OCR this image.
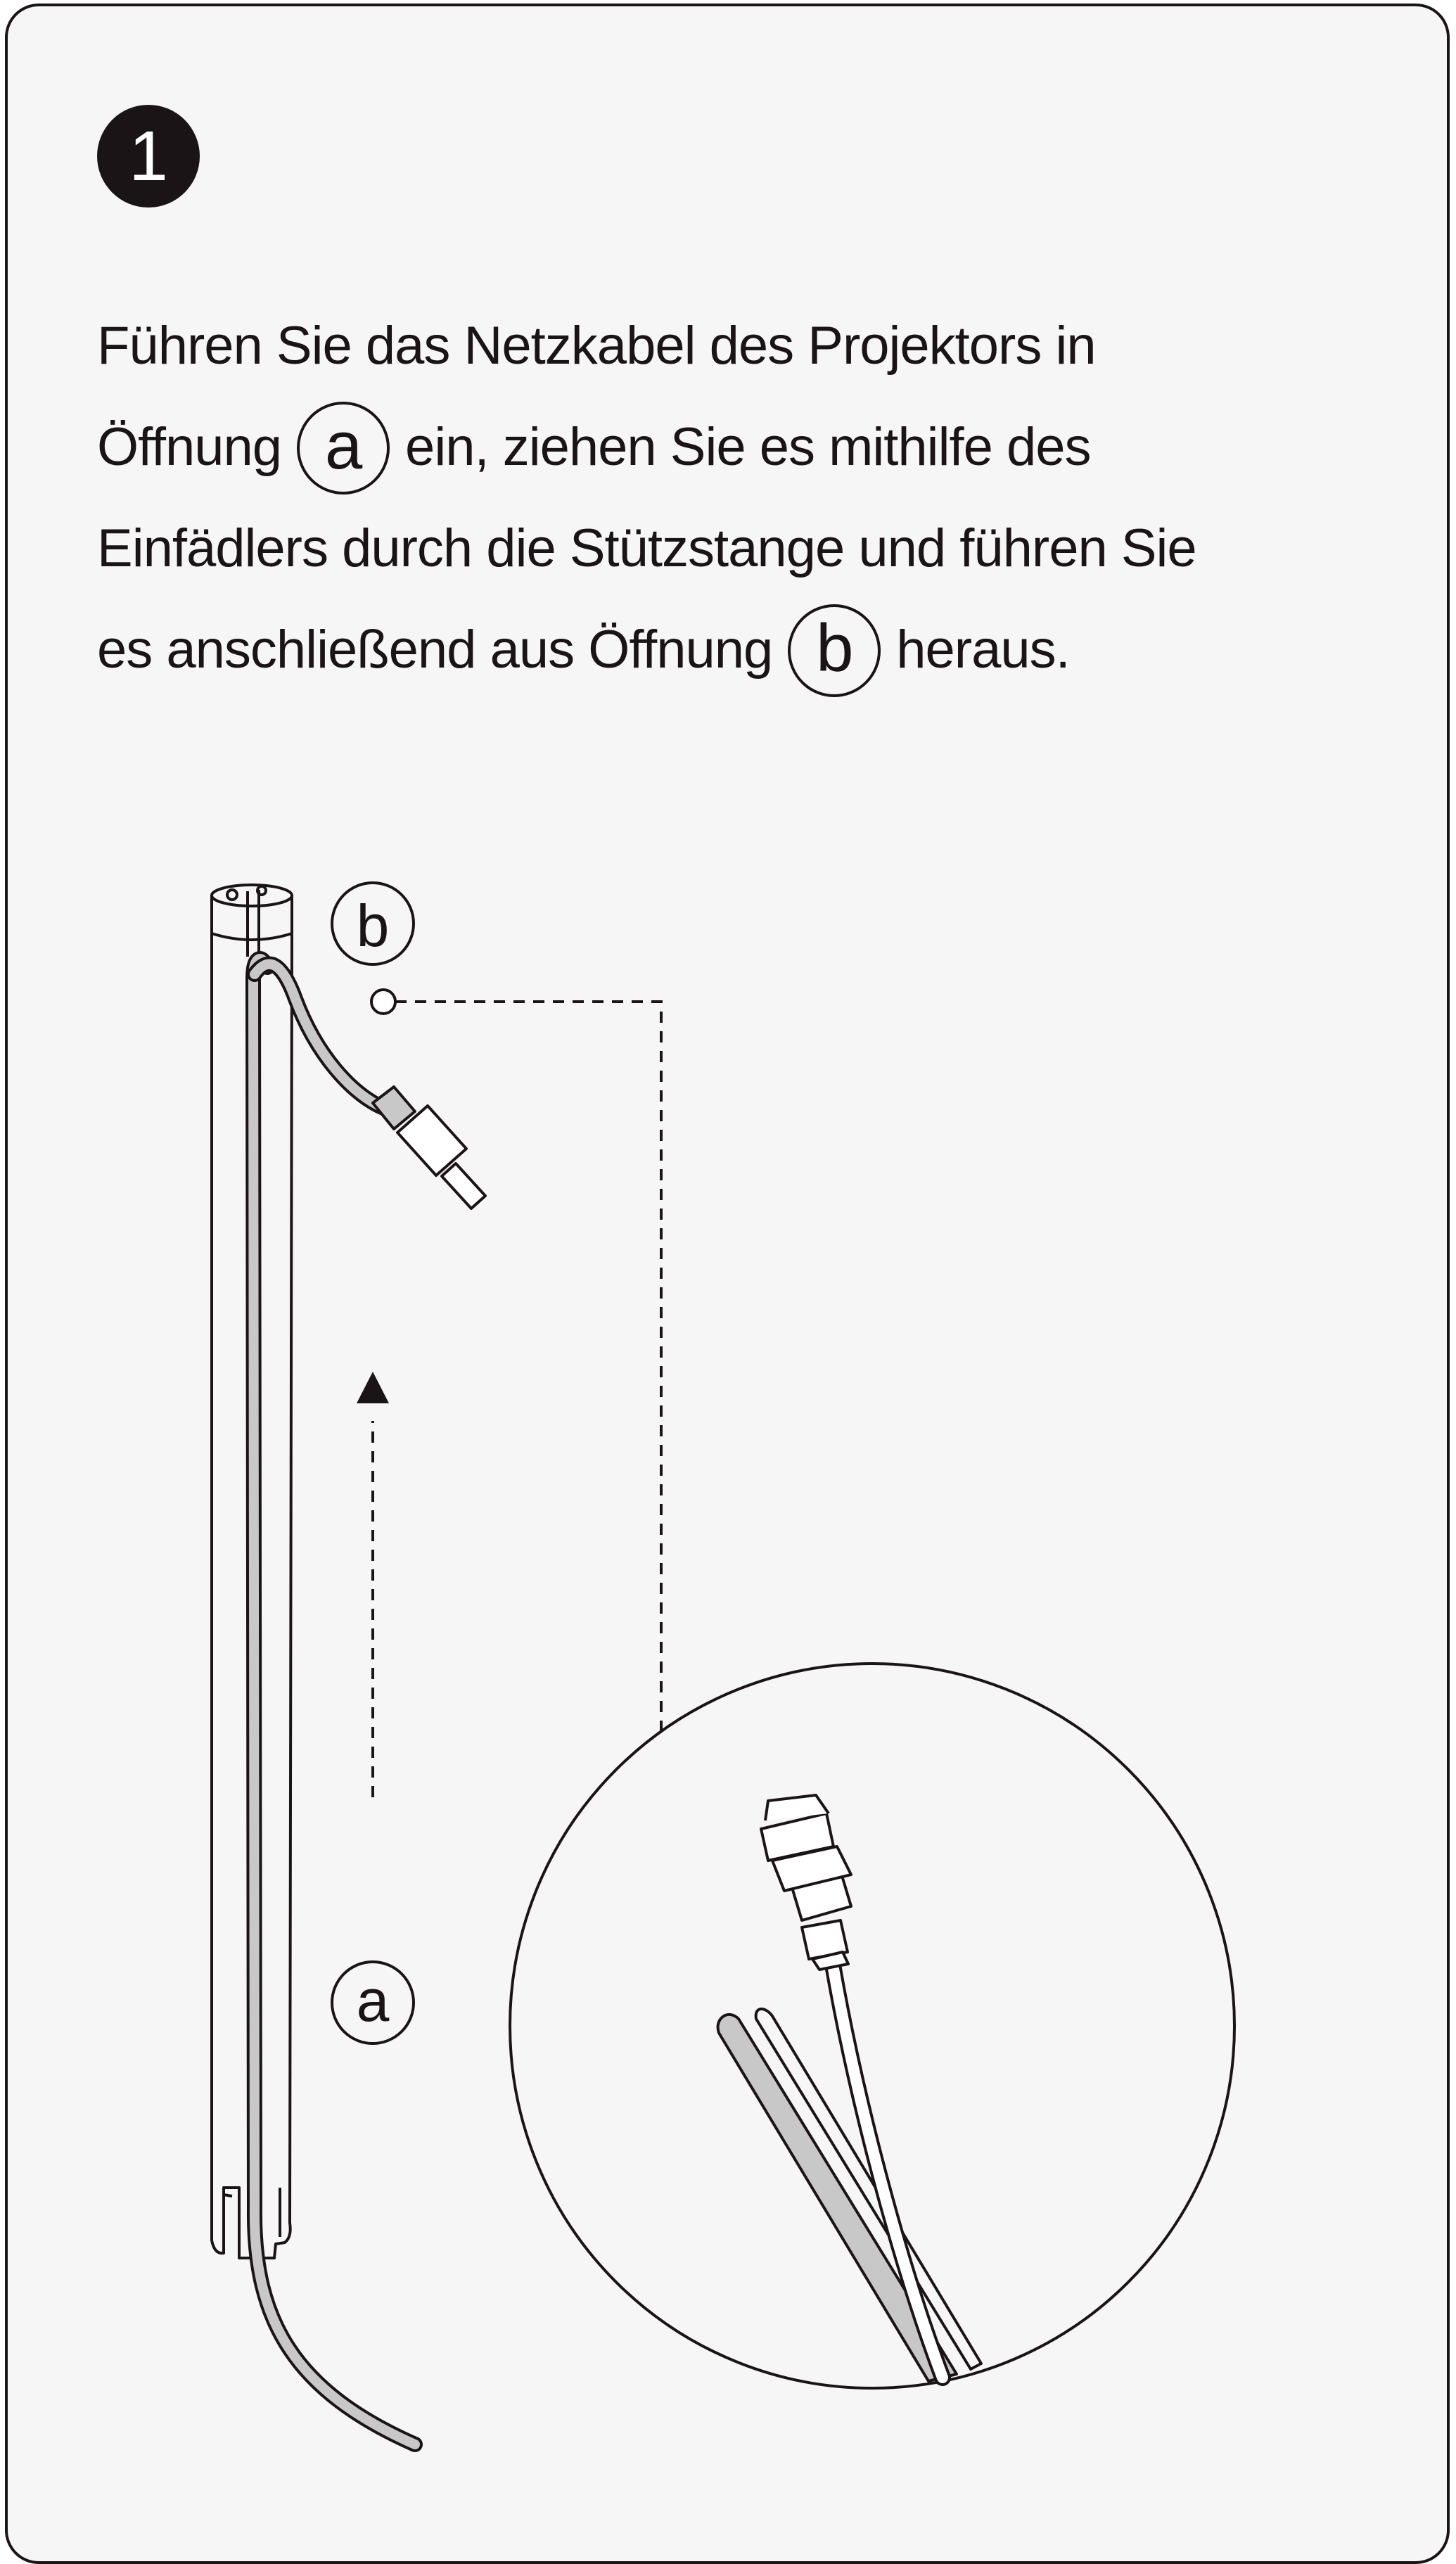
1
Führen Sie das Netzkabel des Projektors in
Öffnung a ein, ziehen Sie es mithilfe des
Einfädlers durch die Stützstange und führen Sie
es anschließend aus Öffnung b heraus.
b
a
